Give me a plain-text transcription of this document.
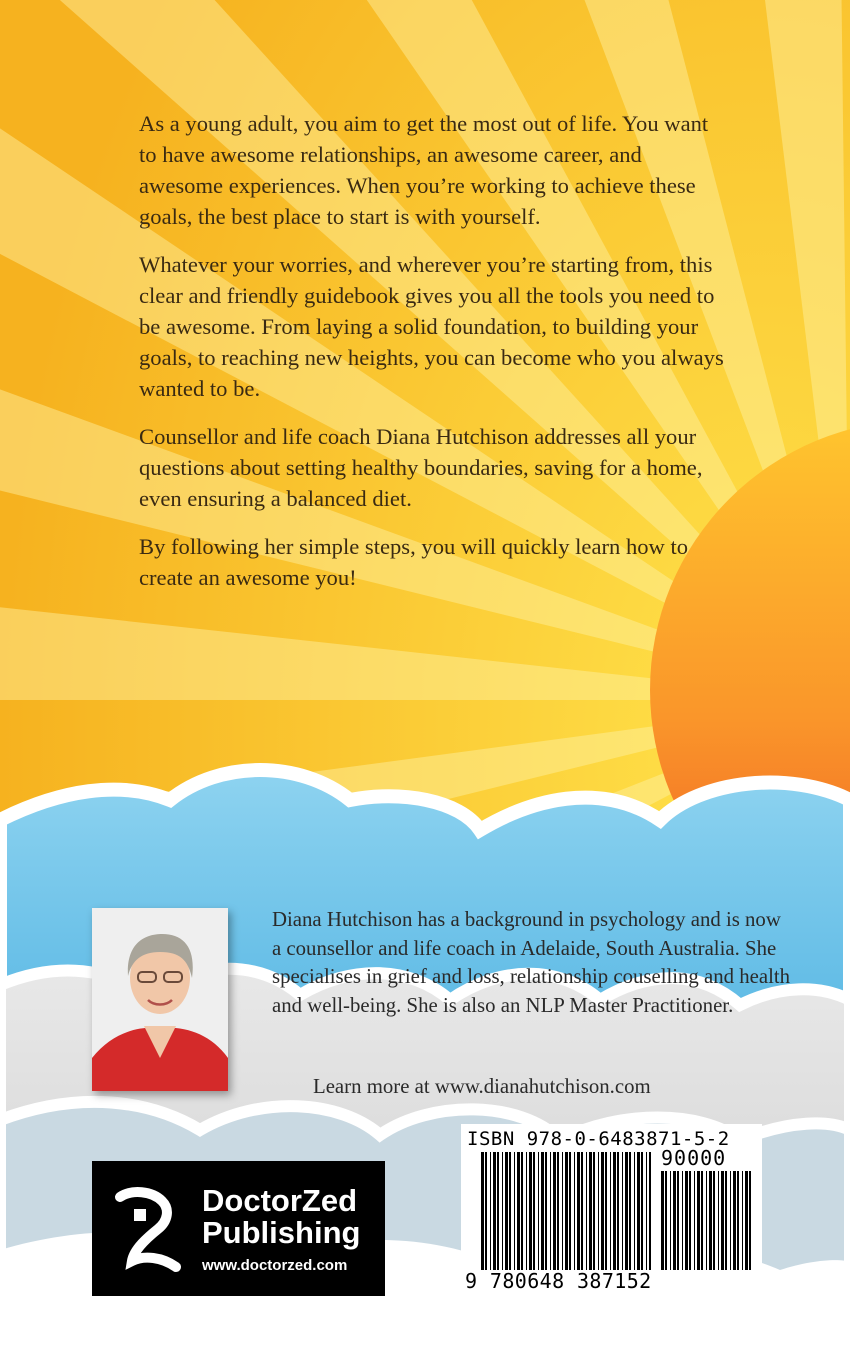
As a young adult, you aim to get the most out of life. You want to have awesome relationships, an awesome career, and awesome experiences. When you’re working to achieve these goals, the best place to start is with yourself.

Whatever your worries, and wherever you’re starting from, this clear and friendly guidebook gives you all the tools you need to be awesome. From laying a solid foundation, to building your goals, to reaching new heights, you can become who you always wanted to be.

Counsellor and life coach Diana Hutchison addresses all your questions about setting healthy boundaries, saving for a home, even ensuring a balanced diet.

By following her simple steps, you will quickly learn how to create an awesome you!

Diana Hutchison has a background in psychology and is now a counsellor and life coach in Adelaide, South Australia. She specialises in grief and loss, relationship couselling and health and well-being. She is also an NLP Master Practitioner.

Learn more at www.dianahutchison.com
DoctorZed
Publishing
www.doctorzed.com
ISBN 978-0-6483871-5-2
90000
9 780648 387152
